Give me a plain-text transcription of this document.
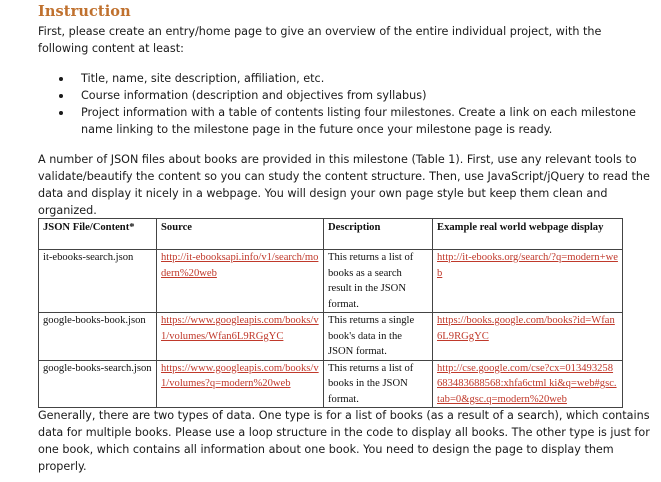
Instruction
First, please create an entry/home page to give an overview of the entire individual project, with the following content at least:
Title, name, site description, affiliation, etc.
Course information (description and objectives from syllabus)
Project information with a table of contents listing four milestones. Create a link on each milestone name linking to the milestone page in the future once your milestone page is ready.
A number of JSON files about books are provided in this milestone (Table 1). First, use any relevant tools to validate/beautify the content so you can study the content structure. Then, use JavaScript/jQuery to read the data and display it nicely in a webpage. You will design your own page style but keep them clean and organized.
JSON File/Content*	Source	Description	Example real world webpage display
it-ebooks-search.json	http://it-ebooksapi.info/v1/search/modern%20web	This returns a list of books as a search result in the JSON format.	http://it-ebooks.org/search/?q=modern+web
google-books-book.json	https://www.googleapis.com/books/v1/volumes/Wfan6L9RGgYC	This returns a single book's data in the JSON format.	https://books.google.com/books?id=Wfan6L9RGgYC
google-books-search.json	https://www.googleapis.com/books/v1/volumes?q=modern%20web	This returns a list of books in the JSON format.	http://cse.google.com/cse?cx=013493258683483688568:xhfa6ctml ki&q=web#gsc.tab=0&gsc.q=modern%20web
Generally, there are two types of data. One type is for a list of books (as a result of a search), which contains data for multiple books. Please use a loop structure in the code to display all books. The other type is just for one book, which contains all information about one book. You need to design the page to display them properly.
